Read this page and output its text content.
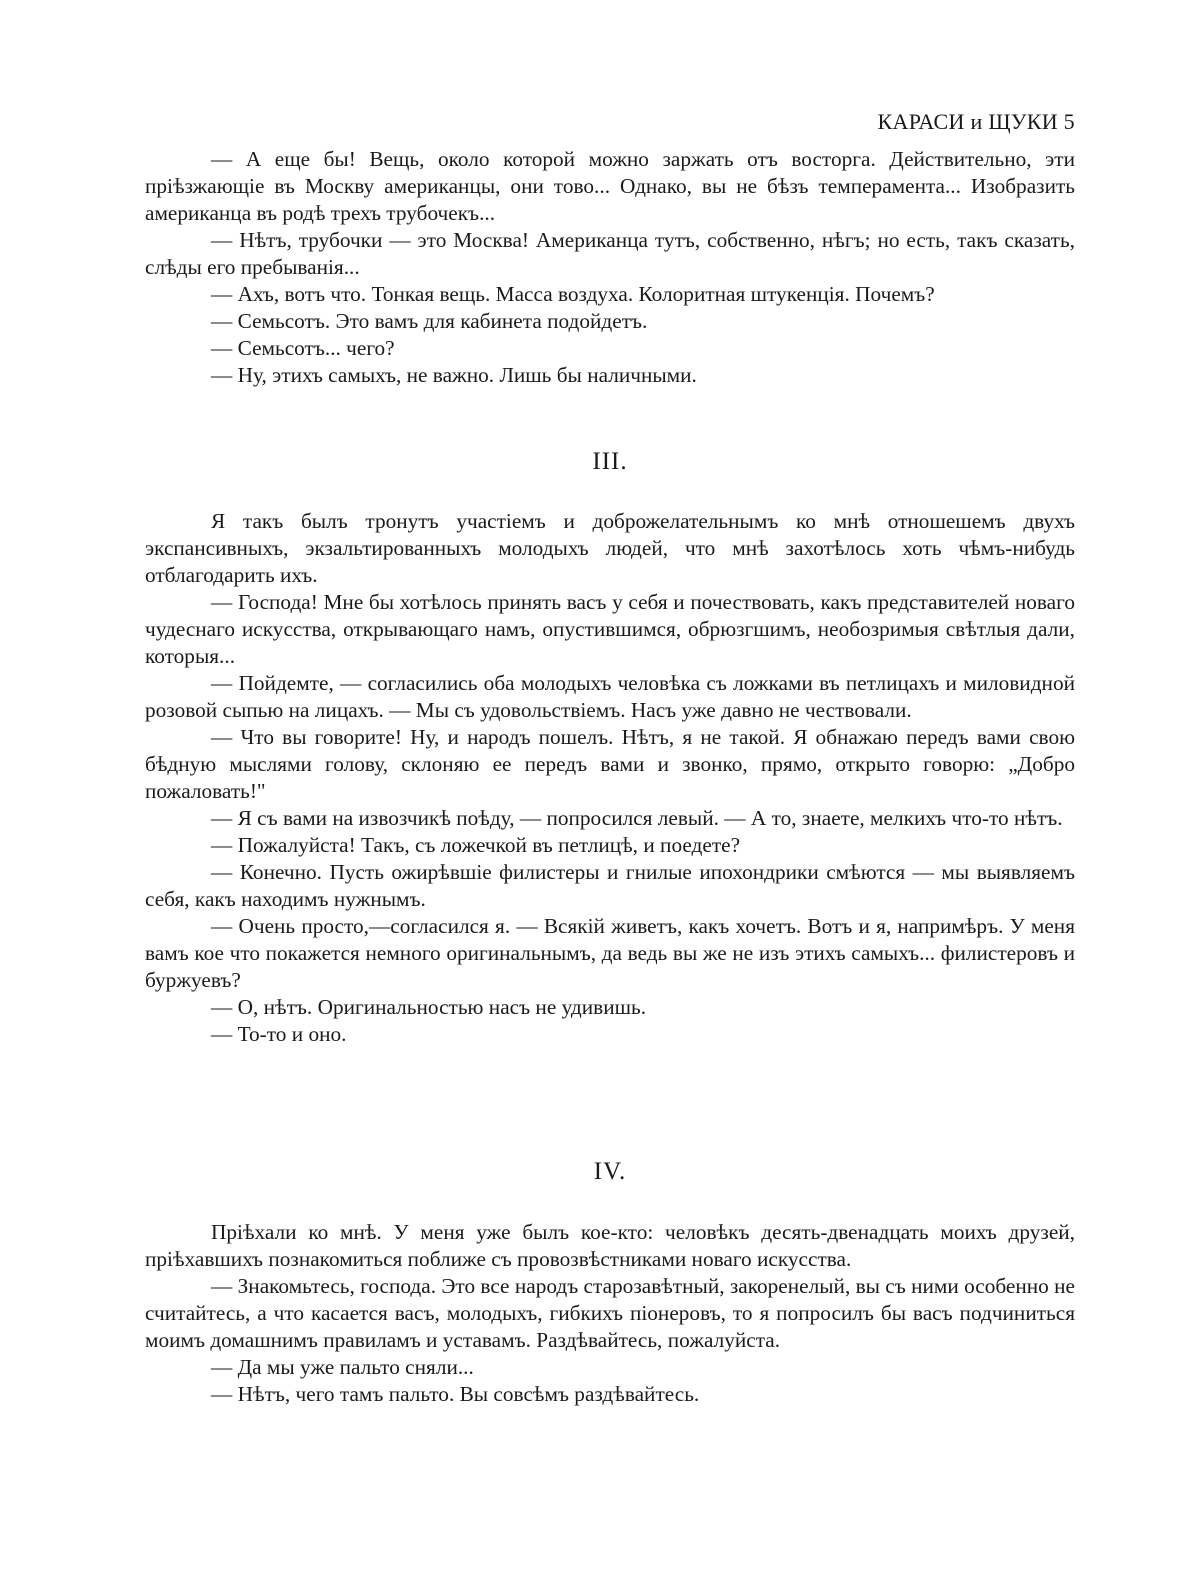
КАРАСИ и ЩУКИ 5

— А еще бы! Вещь, около которой можно заржать отъ восторга. Действительно, эти прiѣзжающiе въ Москву американцы, они тово... Однако, вы не бѣзъ темперамента... Изобразить американца въ родѣ трехъ трубочекъ...

— Нѣтъ, трубочки — это Москва! Американца тутъ, собственно, нѣгъ; но есть, такъ сказать, слѣды его пребыванiя...

— Ахъ, вотъ что. Тонкая вещь. Масса воздуха. Колоритная штукенцiя. Почемъ?

— Семьсотъ. Это вамъ для кабинета подойдетъ.

— Семьсотъ... чего?

— Ну, этихъ самыхъ, не важно. Лишь бы наличными.

III.

Я такъ былъ тронутъ участiемъ и доброжелательнымъ ко мнѣ отношешемъ двухъ экспансивныхъ, экзальтированныхъ молодыхъ людей, что мнѣ захотѣлось хоть чѣмъ-нибудь отблагодарить ихъ.

— Господа! Мне бы хотѣлось принять васъ у себя и почествовать, какъ представителей новаго чудеснаго искусства, открывающаго намъ, опустившимся, обрюзгшимъ, необозримыя свѣтлыя дали, которыя...

— Пойдемте, — согласились оба молодыхъ человѣка съ ложками въ петлицахъ и миловидной розовой сыпью на лицахъ. — Мы съ удовольствiемъ. Насъ уже давно не чествовали.

— Что вы говорите! Ну, и народъ пошелъ. Нѣтъ, я не такой. Я обнажаю передъ вами свою бѣдную мыслями голову, склоняю ее передъ вами и звонко, прямо, открыто говорю: „Добро пожаловать!"

— Я съ вами на извозчикѣ поѣду, — попросился левый. — А то, знаете, мелкихъ что-то нѣтъ.

— Пожалуйста! Такъ, съ ложечкой въ петлицѣ, и поедете?

— Конечно. Пусть ожирѣвшiе филистеры и гнилые ипохондрики смѣются — мы выявляемъ себя, какъ находимъ нужнымъ.

— Очень просто,—согласился я. — Всякiй живетъ, какъ хочетъ. Вотъ и я, напримѣръ. У меня вамъ кое что покажется немного оригинальнымъ, да ведь вы же не изъ этихъ самыхъ... филистеровъ и буржуевъ?

— О, нѣтъ. Оригинальностью насъ не удивишь.

— То-то и оно.

IV.

Прiѣхали ко мнѣ. У меня уже былъ кое-кто: человѣкъ десять-двенадцать моихъ друзей, прiѣхавшихъ познакомиться поближе съ провозвѣстниками новаго искусства.

— Знакомьтесь, господа. Это все народъ старозавѣтный, закоренелый, вы съ ними особенно не считайтесь, а что касается васъ, молодыхъ, гибкихъ пiонеровъ, то я попросилъ бы васъ подчиниться моимъ домашнимъ правиламъ и уставамъ. Раздѣвайтесь, пожалуйста.

— Да мы уже пальто сняли...

— Нѣтъ, чего тамъ пальто. Вы совсѣмъ раздѣвайтесь.
